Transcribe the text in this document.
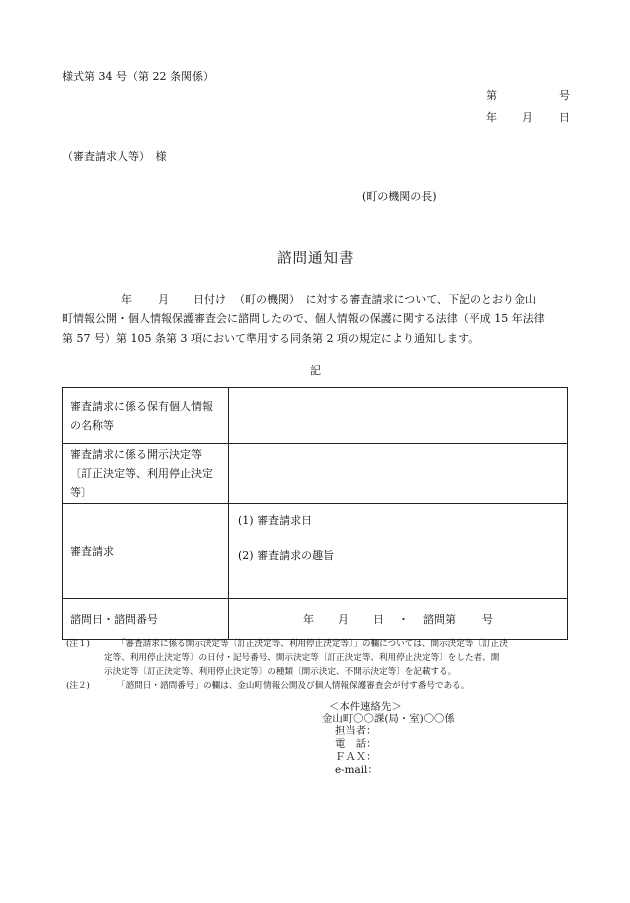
様式第 34 号（第 22 条関係）
第	号
年 月 日
（審査請求人等）　様
(町の機関の長)
諮問通知書
年 月 日付け （町の機関）　に対する審査請求について、下記のとおり金山
町情報公開・個人情報保護審査会に諮問したので、個人情報の保護に関する法律（平成 15 年法律
第 57 号）第 105 条第 3 項において準用する同条第 2 項の規定により通知します。
記
審査請求に係る保有個人情報
の名称等	

審査請求に係る開示決定等
〔訂正決定等、利用停止決定
等〕	

審査請求	(1) 審査請求日
(2) 審査請求の趣旨

諮問日・諮問番号	年 月 日 ・ 諮問第 号
(注１)	「審査請求に係る開示決定等〔訂正決定等、利用停止決定等〕」の欄については、開示決定等〔訂正決
定等、利用停止決定等〕の日付・記号番号、開示決定等〔訂正決定等、利用停止決定等〕をした者、開
示決定等〔訂正決定等、利用停止決定等〕の種類〔開示決定、不開示決定等〕を記載する。
(注２)	「諮問日・諮問番号」の欄は、金山町情報公開及び個人情報保護審査会が付す番号である。
＜本件連絡先＞
金山町〇〇課(局・室)〇〇係
担当者：
電　話：
ＦＡＸ：
e-mail：
